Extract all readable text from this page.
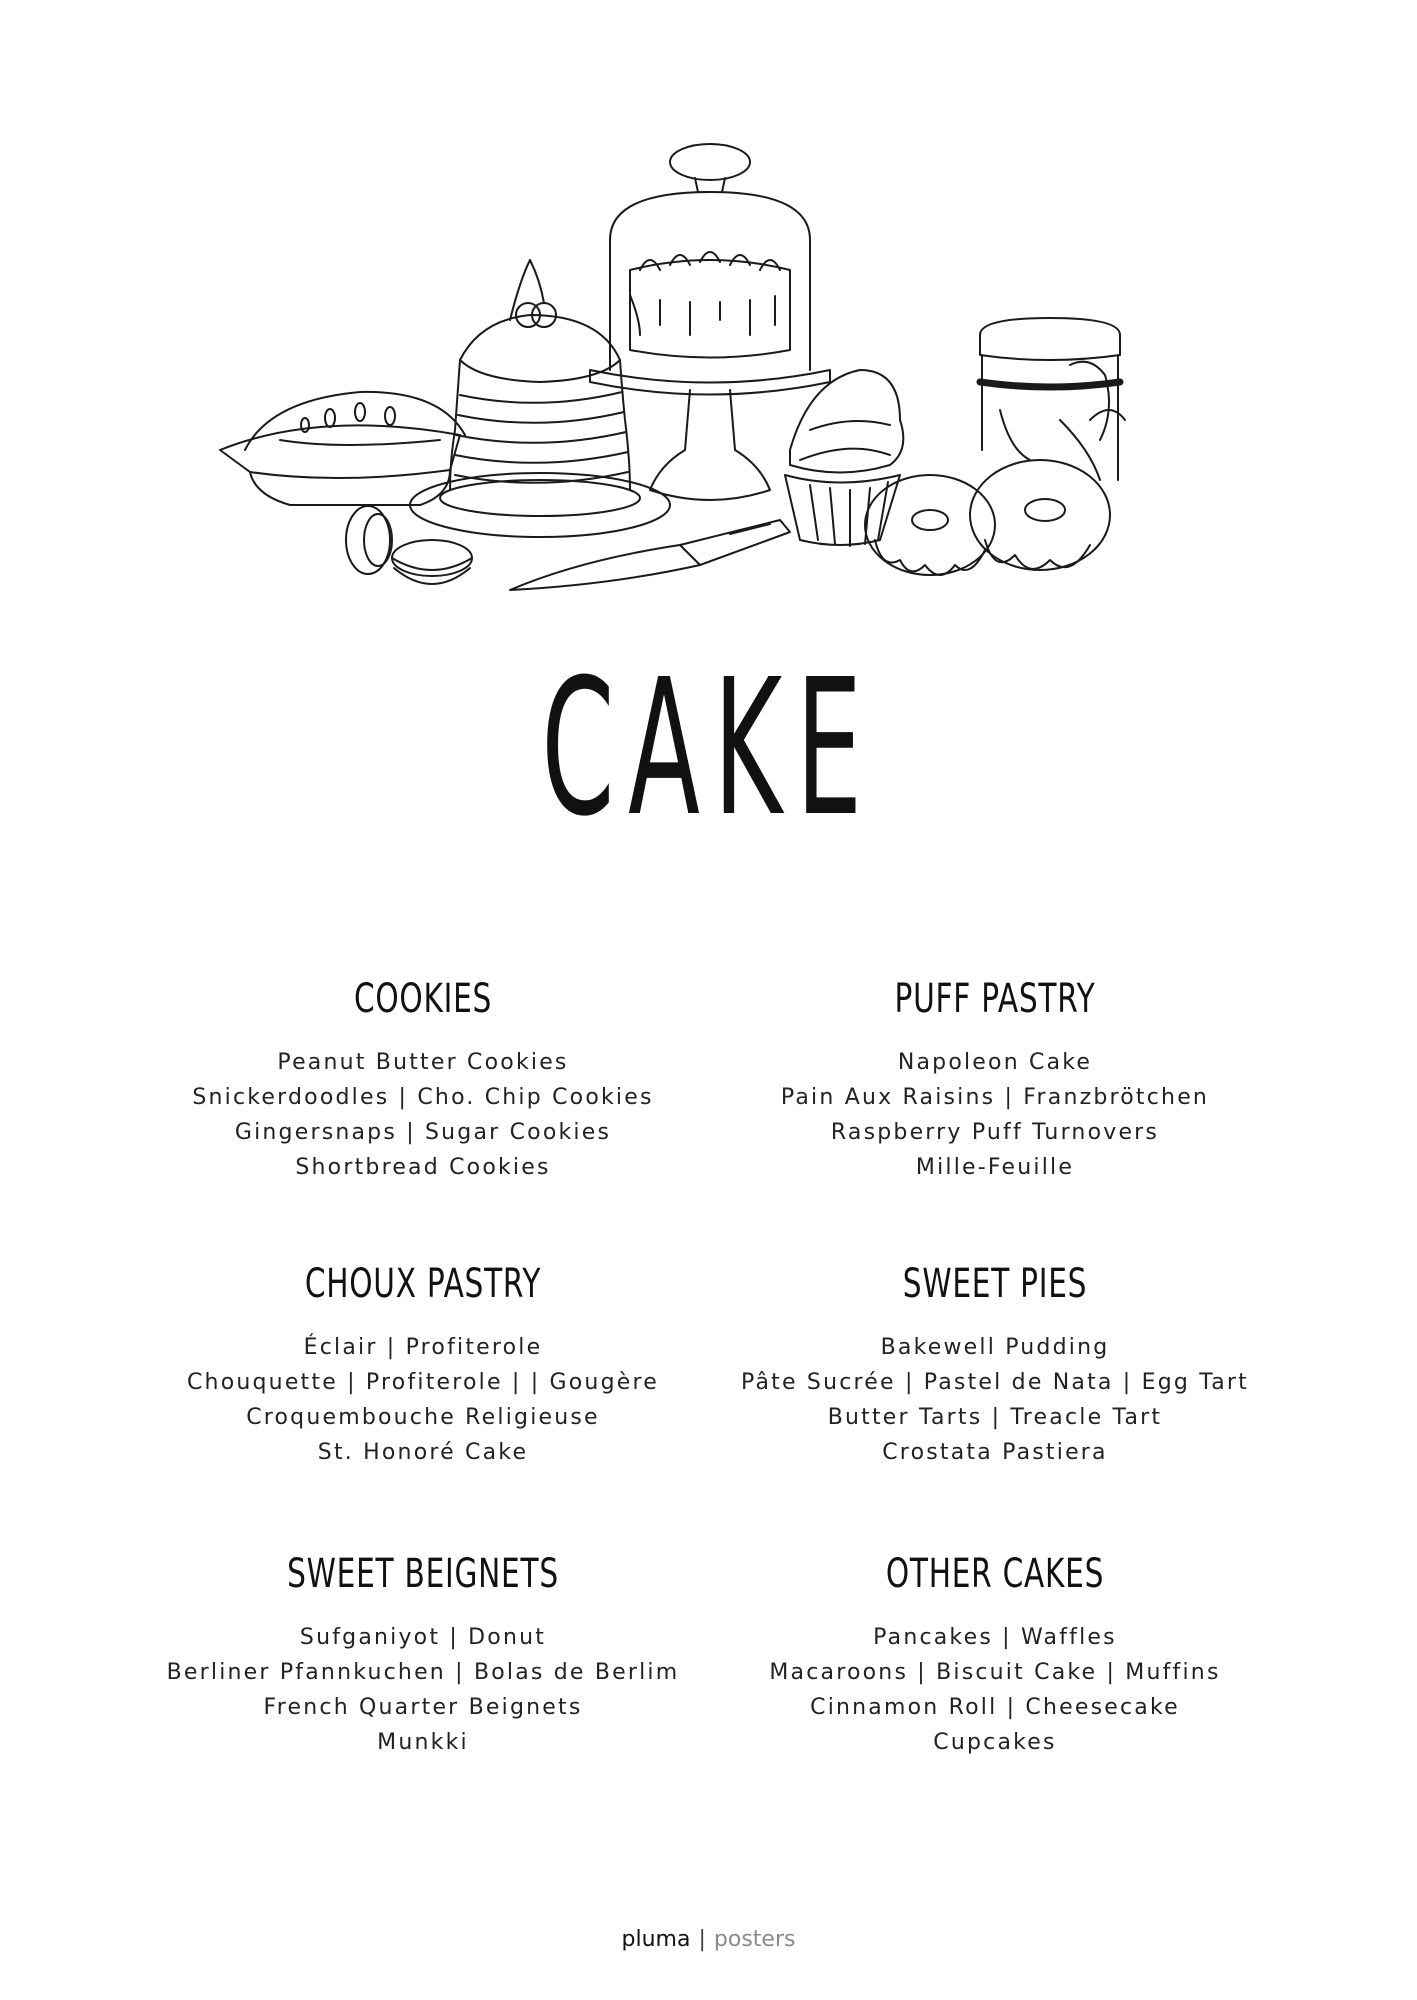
CAKE
COOKIES
Peanut Butter Cookies
Snickerdoodles | Cho. Chip Cookies
Gingersnaps | Sugar Cookies
Shortbread Cookies
PUFF PASTRY
Napoleon Cake
Pain Aux Raisins | Franzbrötchen
Raspberry Puff Turnovers
Mille-Feuille
CHOUX PASTRY
Éclair | Profiterole
Chouquette | Profiterole | | Gougère
Croquembouche Religieuse
St. Honoré Cake
SWEET PIES
Bakewell Pudding
Pâte Sucrée | Pastel de Nata | Egg Tart
Butter Tarts | Treacle Tart
Crostata Pastiera
SWEET BEIGNETS
Sufganiyot | Donut
Berliner Pfannkuchen | Bolas de Berlim
French Quarter Beignets
Munkki
OTHER CAKES
Pancakes | Waffles
Macaroons | Biscuit Cake | Muffins
Cinnamon Roll | Cheesecake
Cupcakes
pluma | posters
